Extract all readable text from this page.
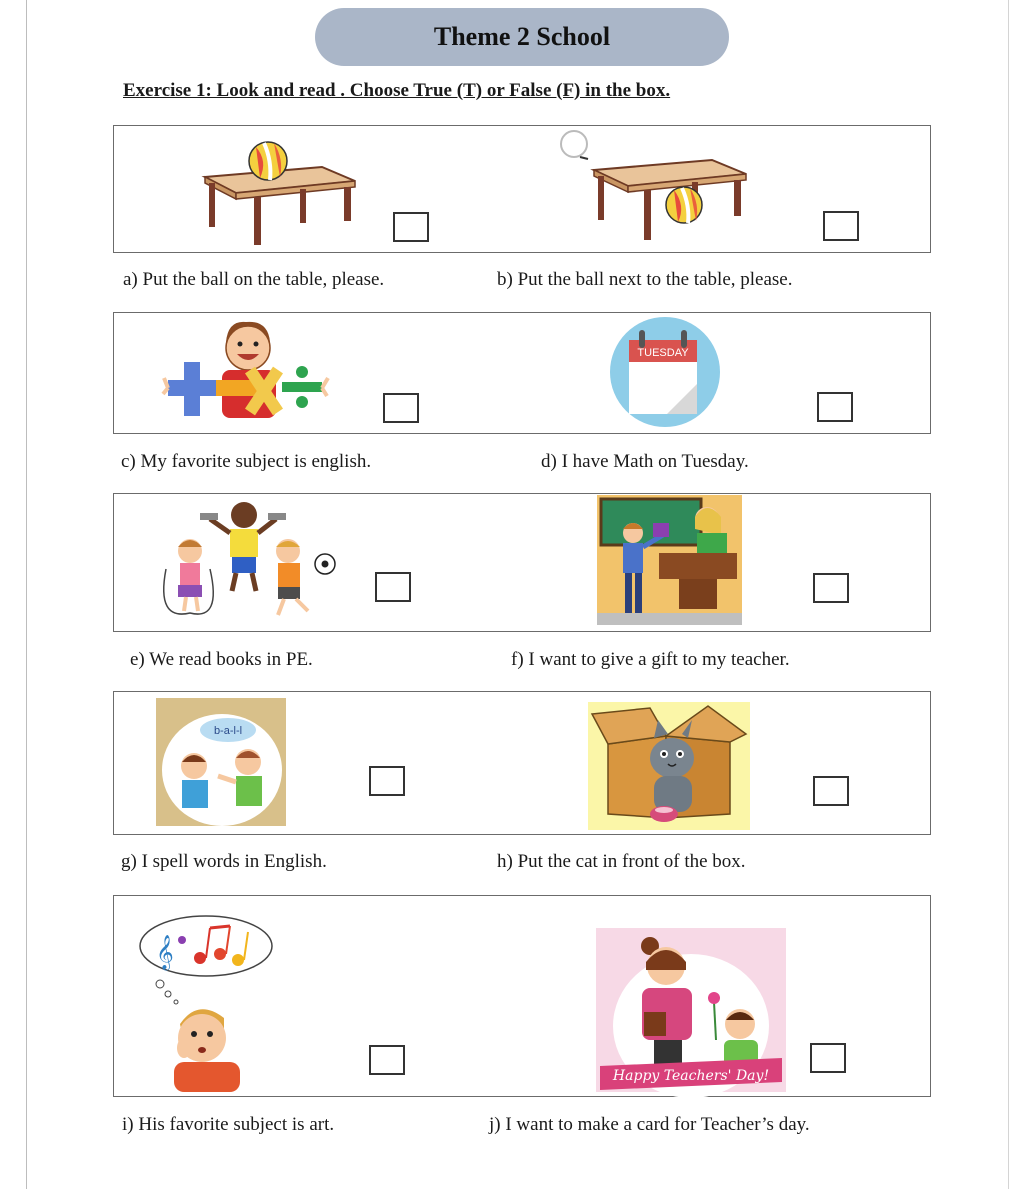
Theme 2 School
Exercise 1: Look and read . Choose True (T) or False (F) in the box.
a) Put the ball on the table, please.	b) Put the ball next to the table, please.
TUESDAY
c) My favorite subject is english.	d) I have Math on Tuesday.
e) We read books in PE.	f) I want to give a gift to my teacher.
b-a-l-l
g) I spell words in English.	h) Put the cat in front of the box.
𝄞
Happy Teachers' Day!
i) His favorite subject is art.	j) I want to make a card for Teacher’s day.
